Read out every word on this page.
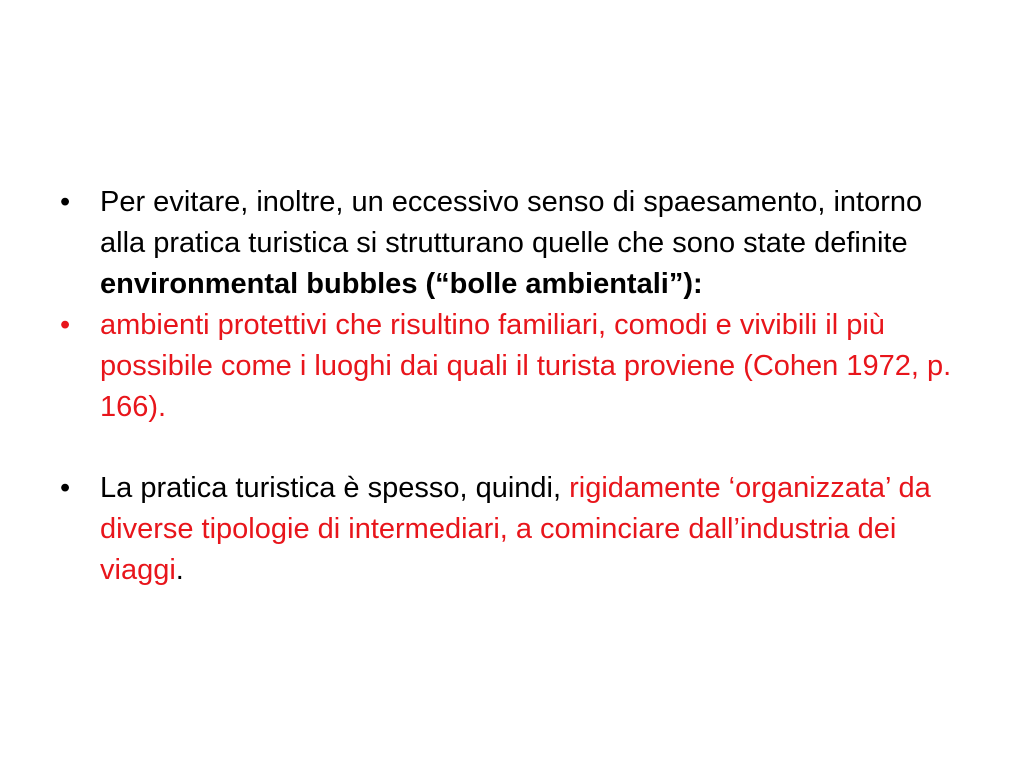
• Per evitare, inoltre, un eccessivo senso di spaesamento, intorno alla pratica turistica si strutturano quelle che sono state definite environmental bubbles (“bolle ambientali”):
• ambienti protettivi che risultino familiari, comodi e vivibili il più possibile come i luoghi dai quali il turista proviene (Cohen 1972, p. 166).
• La pratica turistica è spesso, quindi, rigidamente ‘organizzata’ da diverse tipologie di intermediari, a cominciare dall’industria dei viaggi.
